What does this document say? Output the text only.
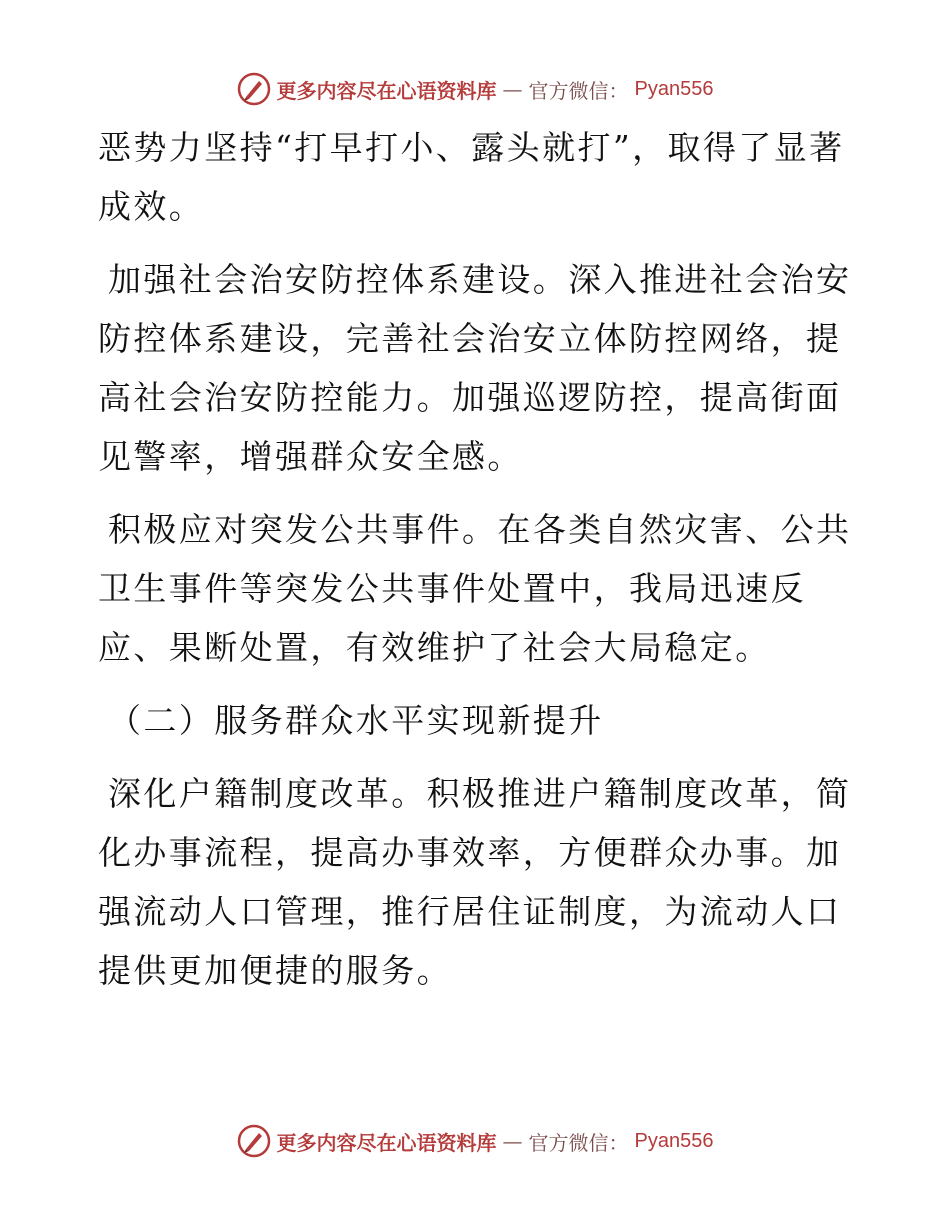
更多内容尽在心语资料库 — 官方微信： Pyan556

恶势力坚持“打早打小、露头就打”，取得了显著成效。

加强社会治安防控体系建设。深入推进社会治安防控体系建设，完善社会治安立体防控网络，提高社会治安防控能力。加强巡逻防控，提高街面见警率，增强群众安全感。

积极应对突发公共事件。在各类自然灾害、公共卫生事件等突发公共事件处置中，我局迅速反应、果断处置，有效维护了社会大局稳定。

（二）服务群众水平实现新提升

深化户籍制度改革。积极推进户籍制度改革，简化办事流程，提高办事效率，方便群众办事。加强流动人口管理，推行居住证制度，为流动人口提供更加便捷的服务。

更多内容尽在心语资料库 — 官方微信： Pyan556
